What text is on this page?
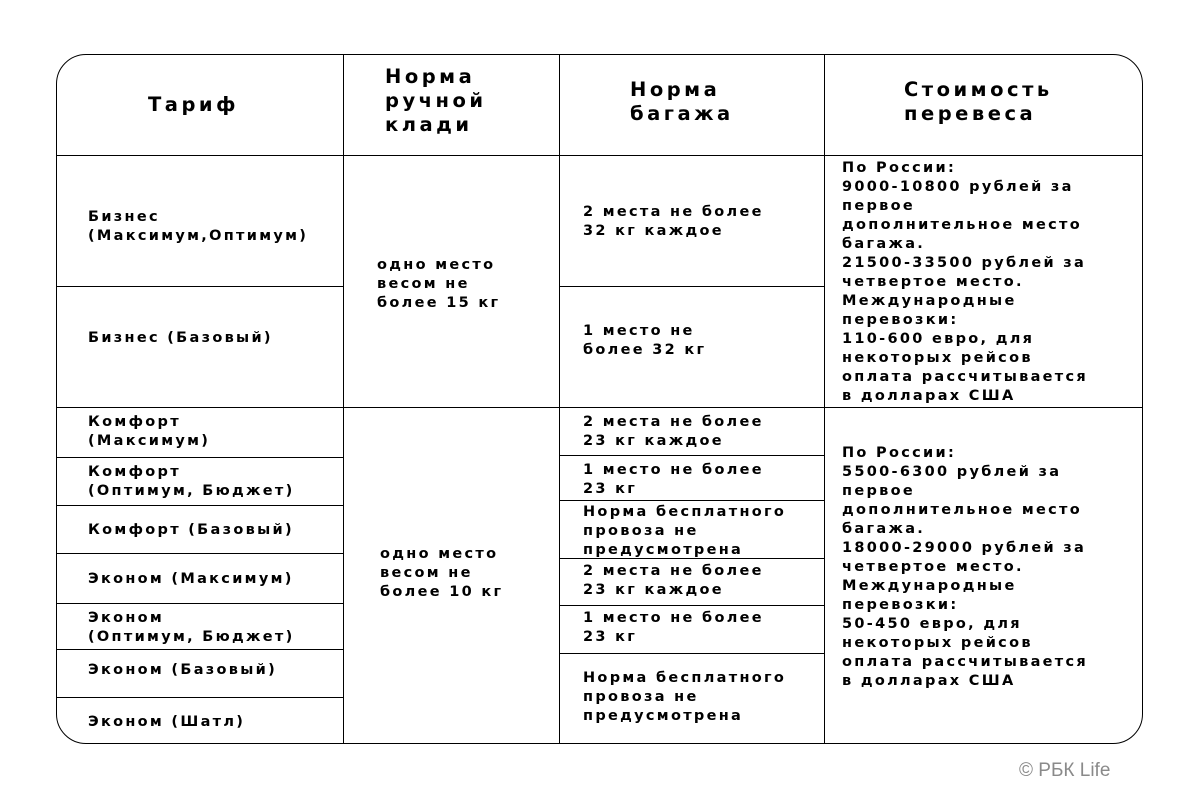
Тариф
Норма
ручной
клади
Норма
багажа
Стоимость
перевеса
Бизнес
(Максимум,Оптимум)
Бизнес (Базовый)
одно место
весом не
более 15 кг
2 места не более
32 кг каждое
1 место не
более 32 кг
По России:
9000-10800 рублей за
первое
дополнительное место
багажа.
21500-33500 рублей за
четвертое место.
Международные
перевозки:
110-600 евро, для
некоторых рейсов
оплата рассчитывается
в долларах США
Комфорт
(Максимум)
Комфорт
(Оптимум, Бюджет)
Комфорт (Базовый)
Эконом (Максимум)
Эконом
(Оптимум, Бюджет)
Эконом (Базовый)
Эконом (Шатл)
одно место
весом не
более 10 кг
2 места не более
23 кг каждое
1 место не более
23 кг
Норма бесплатного
провоза не
предусмотрена
2 места не более
23 кг каждое
1 место не более
23 кг
Норма бесплатного
провоза не
предусмотрена
По России:
5500-6300 рублей за
первое
дополнительное место
багажа.
18000-29000 рублей за
четвертое место.
Международные
перевозки:
50-450 евро, для
некоторых рейсов
оплата рассчитывается
в долларах США
© РБК Life
